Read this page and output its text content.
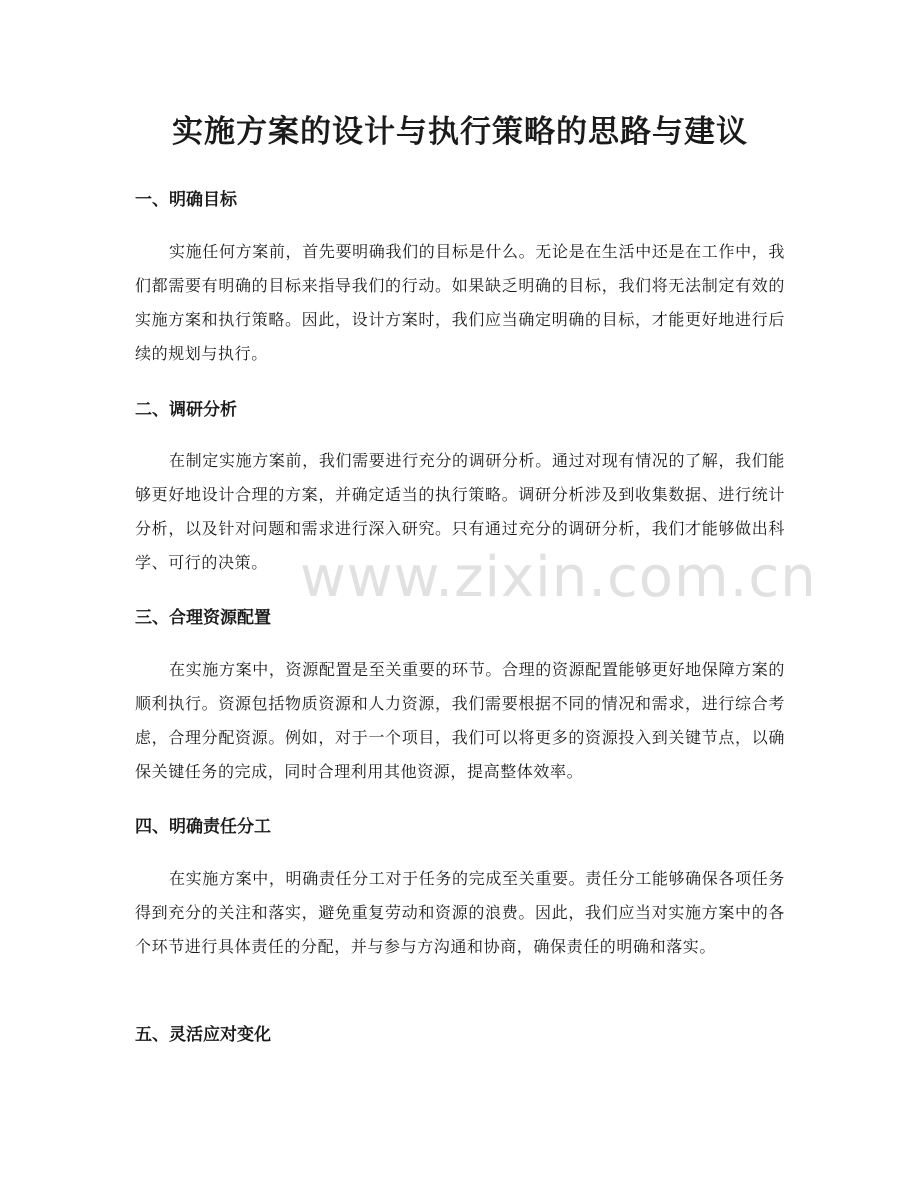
实施方案的设计与执行策略的思路与建议
一、明确目标

实施任何方案前，首先要明确我们的目标是什么。无论是在生活中还是在工作中，我们都需要有明确的目标来指导我们的行动。如果缺乏明确的目标，我们将无法制定有效的实施方案和执行策略。因此，设计方案时，我们应当确定明确的目标，才能更好地进行后续的规划与执行。

二、调研分析

在制定实施方案前，我们需要进行充分的调研分析。通过对现有情况的了解，我们能够更好地设计合理的方案，并确定适当的执行策略。调研分析涉及到收集数据、进行统计分析，以及针对问题和需求进行深入研究。只有通过充分的调研分析，我们才能够做出科学、可行的决策。

三、合理资源配置

在实施方案中，资源配置是至关重要的环节。合理的资源配置能够更好地保障方案的顺利执行。资源包括物质资源和人力资源，我们需要根据不同的情况和需求，进行综合考虑，合理分配资源。例如，对于一个项目，我们可以将更多的资源投入到关键节点，以确保关键任务的完成，同时合理利用其他资源，提高整体效率。

四、明确责任分工

在实施方案中，明确责任分工对于任务的完成至关重要。责任分工能够确保各项任务得到充分的关注和落实，避免重复劳动和资源的浪费。因此，我们应当对实施方案中的各个环节进行具体责任的分配，并与参与方沟通和协商，确保责任的明确和落实。

五、灵活应对变化
www.zixin.com.cn
